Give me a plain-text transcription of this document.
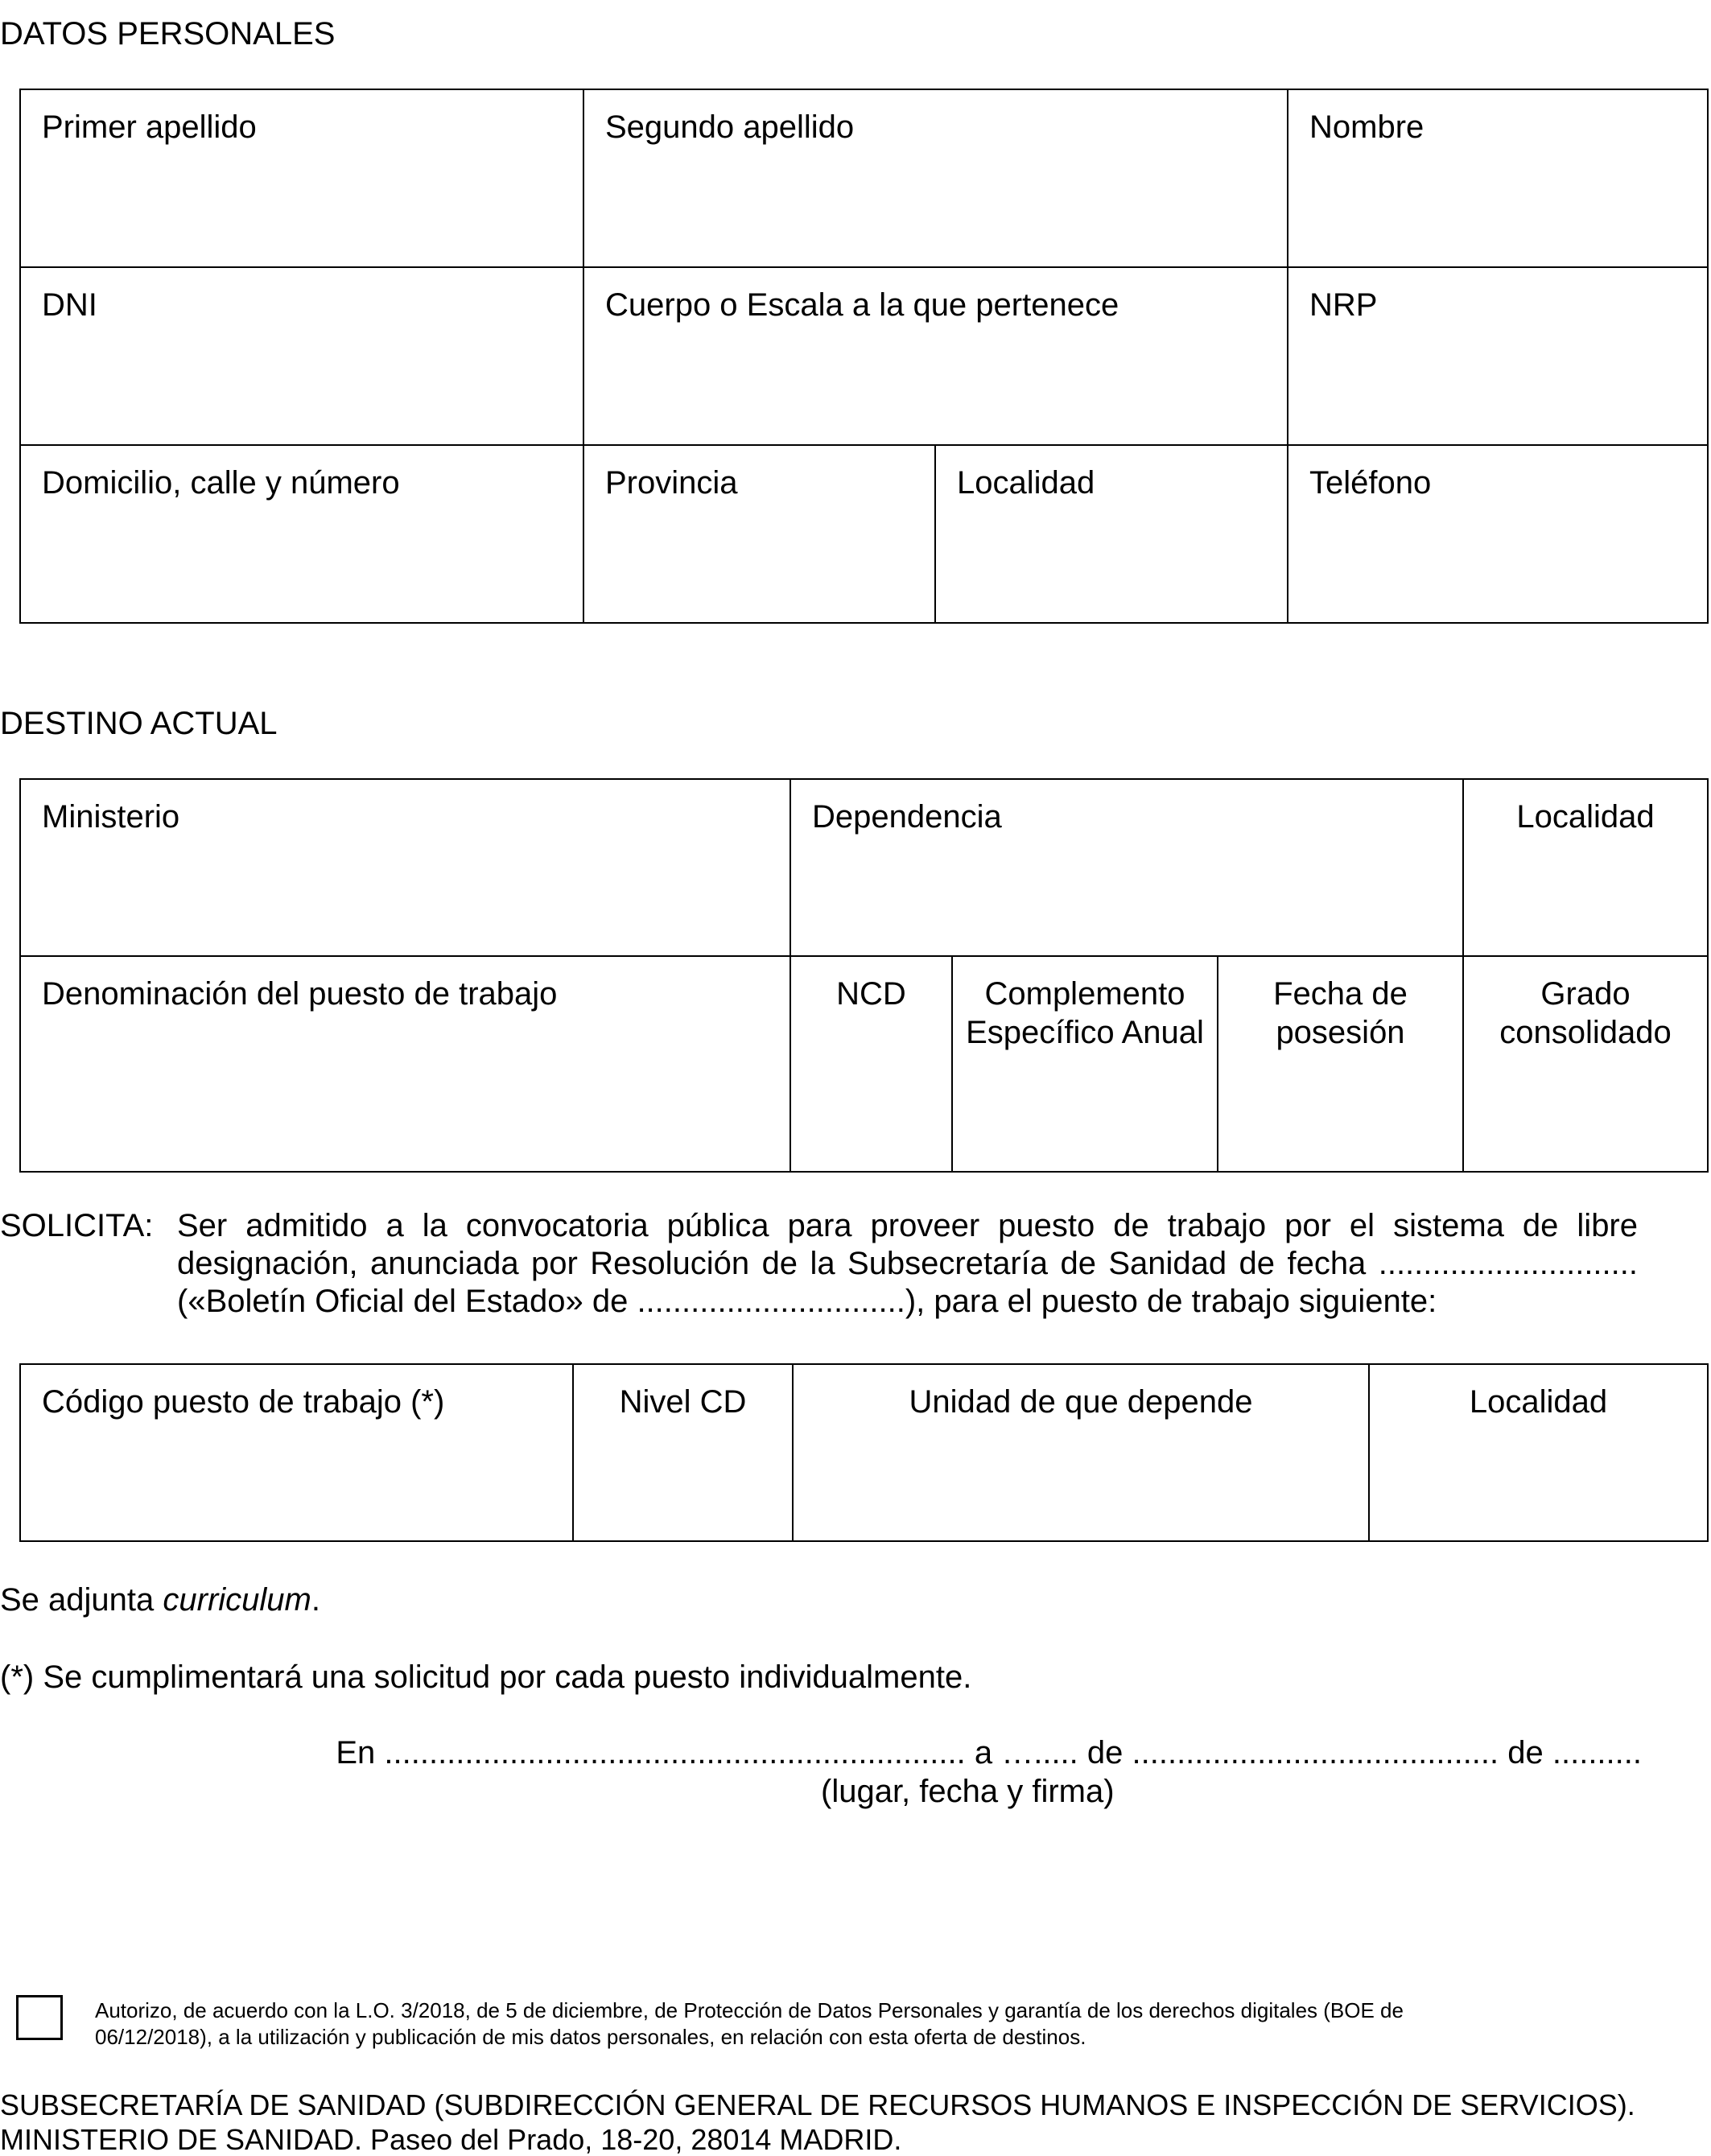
DATOS PERSONALES
Primer apellido	Segundo apellido		Nombre
DNI	Cuerpo o Escala a la que pertenece		NRP
Domicilio, calle y número	Provincia	Localidad	Teléfono
DESTINO ACTUAL
Ministerio	Dependencia			Localidad
Denominación del puesto de trabajo	NCD	Complemento Específico Anual	Fecha de posesión	Grado consolidado
SOLICITA: Ser admitido a la convocatoria pública para proveer puesto de trabajo por el sistema de libre designación, anunciada por Resolución de la Subsecretaría de Sanidad de fecha ............................. («Boletín Oficial del Estado» de ..............................), para el puesto de trabajo siguiente:
Código puesto de trabajo (*)	Nivel CD	Unidad de que depende	Localidad
Se adjunta curriculum.
(*) Se cumplimentará una solicitud por cada puesto individualmente.
En ................................................................. a …..... de ......................................... de ..........
(lugar, fecha y firma)
Autorizo, de acuerdo con la L.O. 3/2018, de 5 de diciembre, de Protección de Datos Personales y garantía de los derechos digitales (BOE de 06/12/2018), a la utilización y publicación de mis datos personales, en relación con esta oferta de destinos.
SUBSECRETARÍA DE SANIDAD (SUBDIRECCIÓN GENERAL DE RECURSOS HUMANOS E INSPECCIÓN DE SERVICIOS).
MINISTERIO DE SANIDAD. Paseo del Prado, 18-20, 28014 MADRID.
